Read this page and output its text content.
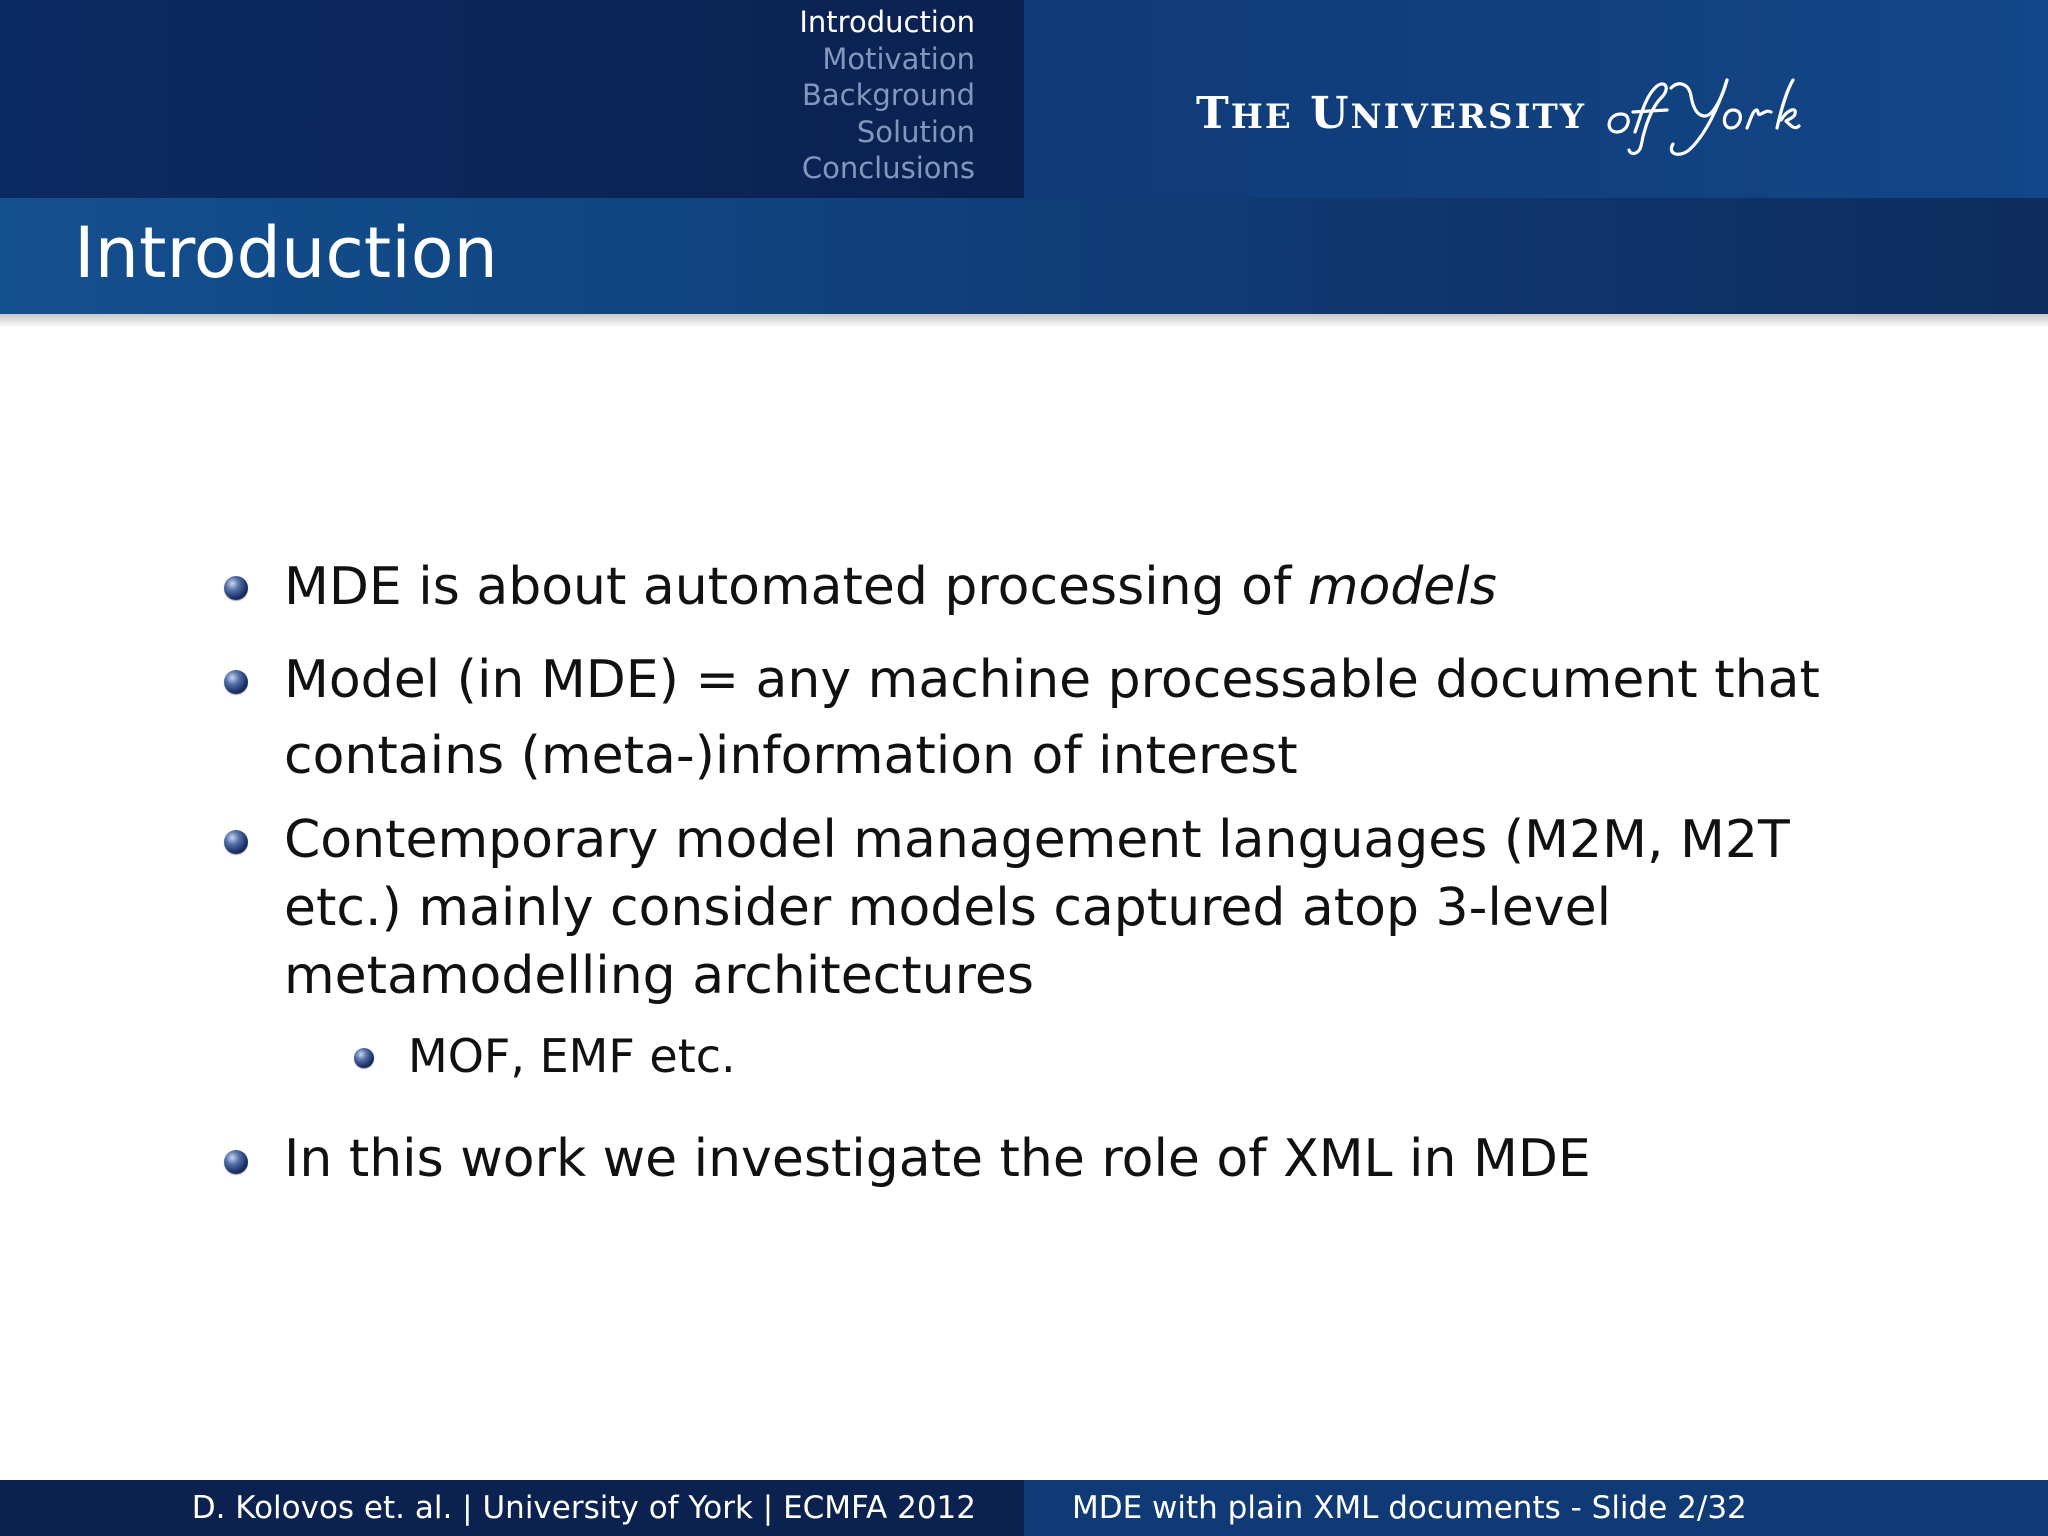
Introduction
Motivation
Background
Solution
Conclusions
THE UNIVERSITY
Introduction
MDE is about automated processing of models
Model (in MDE) = any machine processable document that
contains (meta-)information of interest
Contemporary model management languages (M2M, M2T
etc.) mainly consider models captured atop 3-level
metamodelling architectures
MOF, EMF etc.
In this work we investigate the role of XML in MDE
D. Kolovos et. al. | University of York | ECMFA 2012	MDE with plain XML documents - Slide 2/32
